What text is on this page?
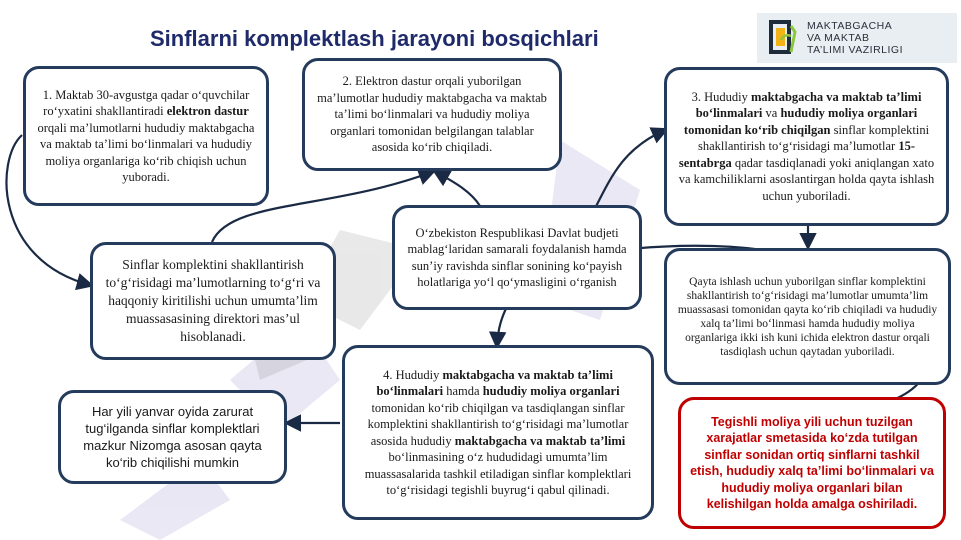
Sinflarni komplektlash jarayoni bosqichlari	MAKTABGACHA
VA MAKTAB
TA’LIMI VAZIRLIGI
1. Maktab 30-avgustga qadar o‘quvchilar ro‘yxatini shakllantiradi elektron dastur orqali ma’lumotlarni hududiy maktabgacha va maktab ta’limi bo‘linmalari va hududiy moliya organlariga ko‘rib chiqish uchun yuboradi.
2. Elektron dastur orqali yuborilgan ma’lumotlar hududiy maktabgacha va maktab ta’limi bo‘linmalari va hududiy moliya organlari tomonidan belgilangan talablar asosida ko‘rib chiqiladi.
3. Hududiy maktabgacha va maktab ta’limi bo‘linmalari va hududiy moliya organlari tomonidan ko‘rib chiqilgan sinflar komplektini shakllantirish to‘g‘risidagi ma’lumotlar 15-sentabrga qadar tasdiqlanadi yoki aniqlangan xato va kamchiliklarni asoslantirgan holda qayta ishlash uchun yuboriladi.
O‘zbekiston Respublikasi Davlat budjeti mablag‘laridan samarali foydalanish hamda sun’iy ravishda sinflar sonining ko‘payish holatlariga yo‘l qo‘ymasligini o‘rganish
Sinflar komplektini shakllantirish to‘g‘risidagi ma’lumotlarning to‘g‘ri va haqqoniy kiritilishi uchun umumta’lim muassasasining direktori mas’ul hisoblanadi.
Qayta ishlash uchun yuborilgan sinflar komplektini shakllantirish to‘g‘risidagi ma’lumotlar umumta’lim muassasasi tomonidan qayta ko‘rib chiqiladi va hududiy xalq ta’limi bo‘linmasi hamda hududiy moliya organlariga ikki ish kuni ichida elektron dastur orqali tasdiqlash uchun qaytadan yuboriladi.
4. Hududiy maktabgacha va maktab ta’limi bo‘linmalari hamda hududiy moliya organlari tomonidan ko‘rib chiqilgan va tasdiqlangan sinflar komplektini shakllantirish to‘g‘risidagi ma’lumotlar asosida hududiy maktabgacha va maktab ta’limi bo‘linmasining o‘z hududidagi umumta’lim muassasalarida tashkil etiladigan sinflar komplektlari to‘g‘risidagi tegishli buyrug‘i qabul qilinadi.
Har yili yanvar oyida zarurat tug‘ilganda sinflar komplektlari mazkur Nizomga asosan qayta ko‘rib chiqilishi mumkin
Tegishli moliya yili uchun tuzilgan xarajatlar smetasida ko‘zda tutilgan sinflar sonidan ortiq sinflarni tashkil etish, hududiy xalq ta’limi bo‘linmalari va hududiy moliya organlari bilan kelishilgan holda amalga oshiriladi.
